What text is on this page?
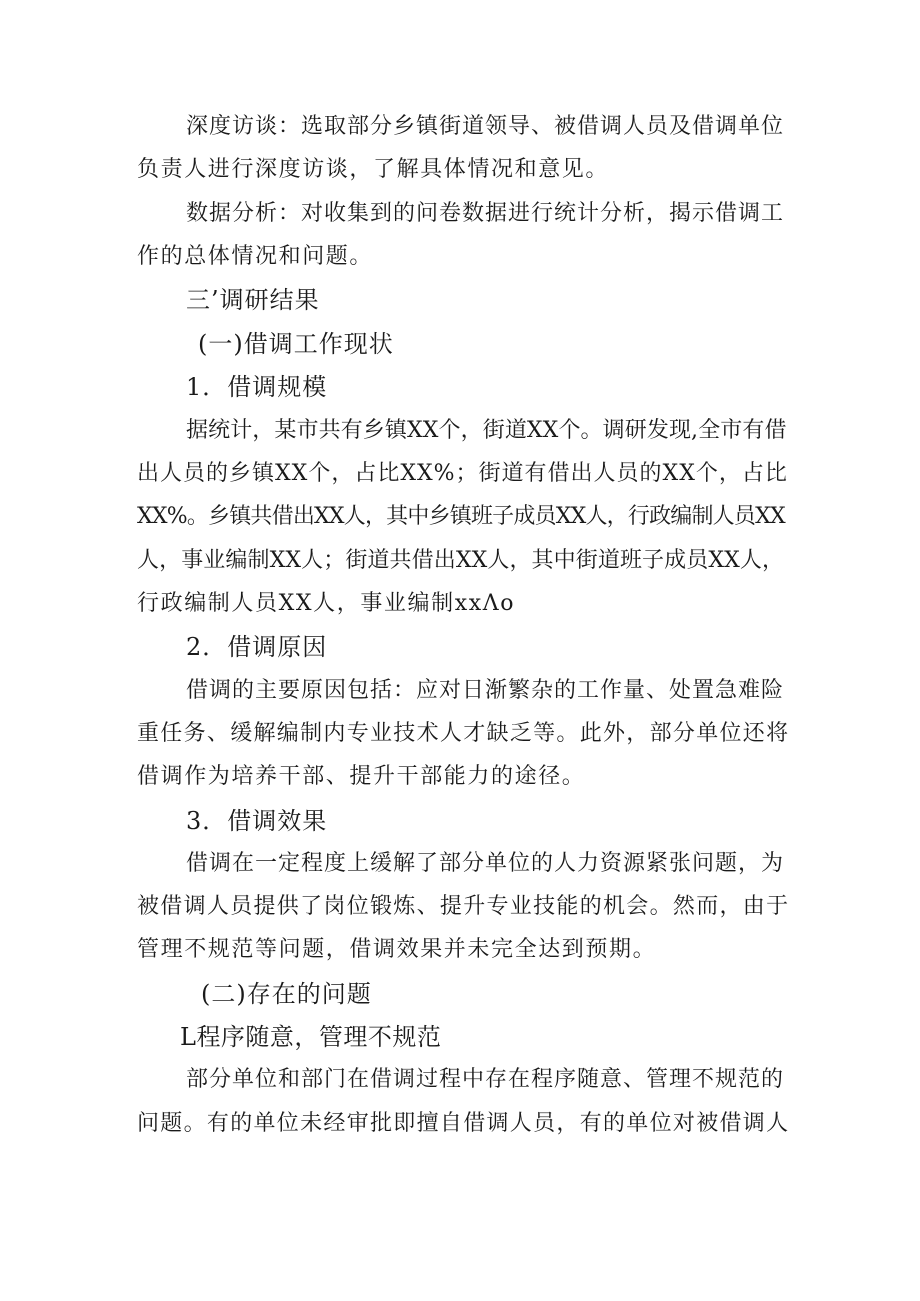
深度访谈：选取部分乡镇街道领导、被借调人员及借调单位
负责人进行深度访谈，了解具体情况和意见。
数据分析：对收集到的问卷数据进行统计分析，揭示借调工
作的总体情况和问题。
三’调研结果
(一)借调工作现状
1．借调规模
据统计，某市共有乡镇XX个，街道XX个。调研发现,全市有借
出人员的乡镇XX个，占比XX%；街道有借出人员的XX个，占比
XX%。乡镇共借出XX人，其中乡镇班子成员XX人，行政编制人员XX
人，事业编制XX人；街道共借出XX人，其中街道班子成员XX人，
行政编制人员XX人，事业编制xxΛo
2．借调原因
借调的主要原因包括：应对日渐繁杂的工作量、处置急难险
重任务、缓解编制内专业技术人才缺乏等。此外，部分单位还将
借调作为培养干部、提升干部能力的途径。
3．借调效果
借调在一定程度上缓解了部分单位的人力资源紧张问题，为
被借调人员提供了岗位锻炼、提升专业技能的机会。然而，由于
管理不规范等问题，借调效果并未完全达到预期。
(二)存在的问题
L程序随意，管理不规范
部分单位和部门在借调过程中存在程序随意、管理不规范的
问题。有的单位未经审批即擅自借调人员，有的单位对被借调人
